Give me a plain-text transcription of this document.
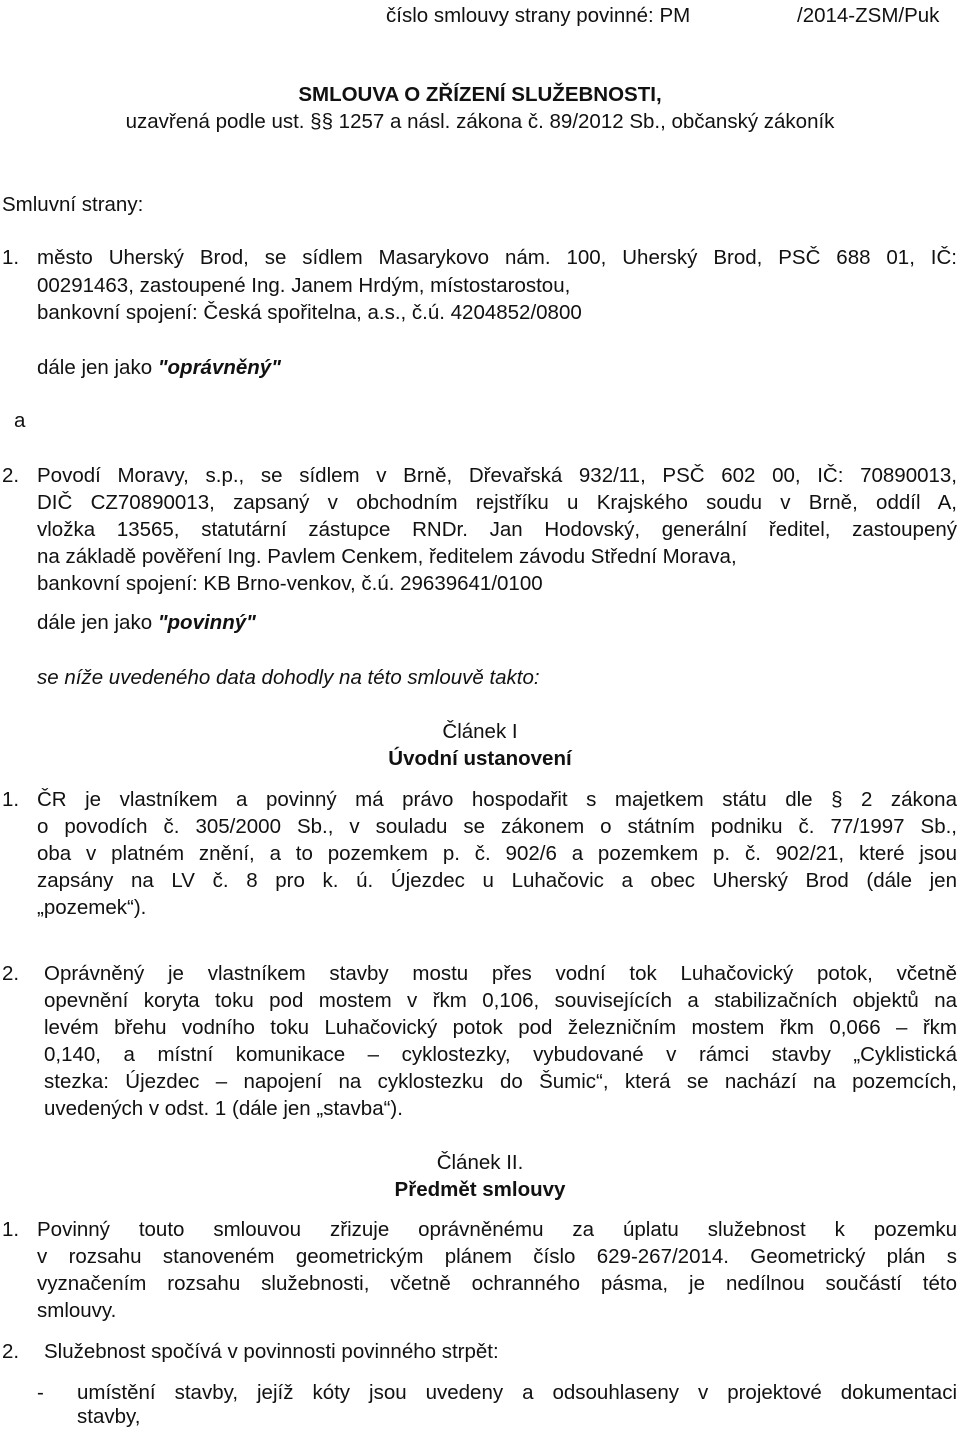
číslo smlouvy strany povinné: PM	/2014-ZSM/Puk
SMLOUVA O ZŘÍZENÍ SLUŽEBNOSTI,
uzavřená podle ust. §§ 1257 a násl. zákona č. 89/2012 Sb., občanský zákoník
Smluvní strany:
1. město Uherský Brod, se sídlem Masarykovo nám. 100, Uherský Brod, PSČ 688 01, IČ:
00291463, zastoupené Ing. Janem Hrdým, místostarostou,
bankovní spojení: Česká spořitelna, a.s., č.ú. 4204852/0800
dále jen jako "oprávněný"
a
2. Povodí Moravy, s.p., se sídlem v Brně, Dřevařská 932/11, PSČ 602 00, IČ: 70890013,
DIČ CZ70890013, zapsaný v obchodním rejstříku u Krajského soudu v Brně, oddíl A,
vložka 13565, statutární zástupce RNDr. Jan Hodovský, generální ředitel, zastoupený
na základě pověření Ing. Pavlem Cenkem, ředitelem závodu Střední Morava,
bankovní spojení: KB Brno-venkov, č.ú. 29639641/0100
dále jen jako "povinný"
se níže uvedeného data dohodly na této smlouvě takto:
Článek I
Úvodní ustanovení
1. ČR je vlastníkem a povinný má právo hospodařit s majetkem státu dle § 2 zákona
o povodích č. 305/2000 Sb., v souladu se zákonem o státním podniku č. 77/1997 Sb.,
oba v platném znění, a to pozemkem p. č. 902/6 a pozemkem p. č. 902/21, které jsou
zapsány na LV č. 8 pro k. ú. Újezdec u Luhačovic a obec Uherský Brod (dále jen
„pozemek“).
2. Oprávněný je vlastníkem stavby mostu přes vodní tok Luhačovický potok, včetně
opevnění koryta toku pod mostem v řkm 0,106, souvisejících a stabilizačních objektů na
levém břehu vodního toku Luhačovický potok pod železničním mostem řkm 0,066 – řkm
0,140, a místní komunikace – cyklostezky, vybudované v rámci stavby „Cyklistická
stezka: Újezdec – napojení na cyklostezku do Šumic“, která se nachází na pozemcích,
uvedených v odst. 1 (dále jen „stavba“).
Článek II.
Předmět smlouvy
1. Povinný touto smlouvou zřizuje oprávněnému za úplatu služebnost k pozemku
v rozsahu stanoveném geometrickým plánem číslo 629-267/2014. Geometrický plán s
vyznačením rozsahu služebnosti, včetně ochranného pásma, je nedílnou součástí této
smlouvy.
2. Služebnost spočívá v povinnosti povinného strpět:
- umístění stavby, jejíž kóty jsou uvedeny a odsouhlaseny v projektové dokumentaci
stavby,
